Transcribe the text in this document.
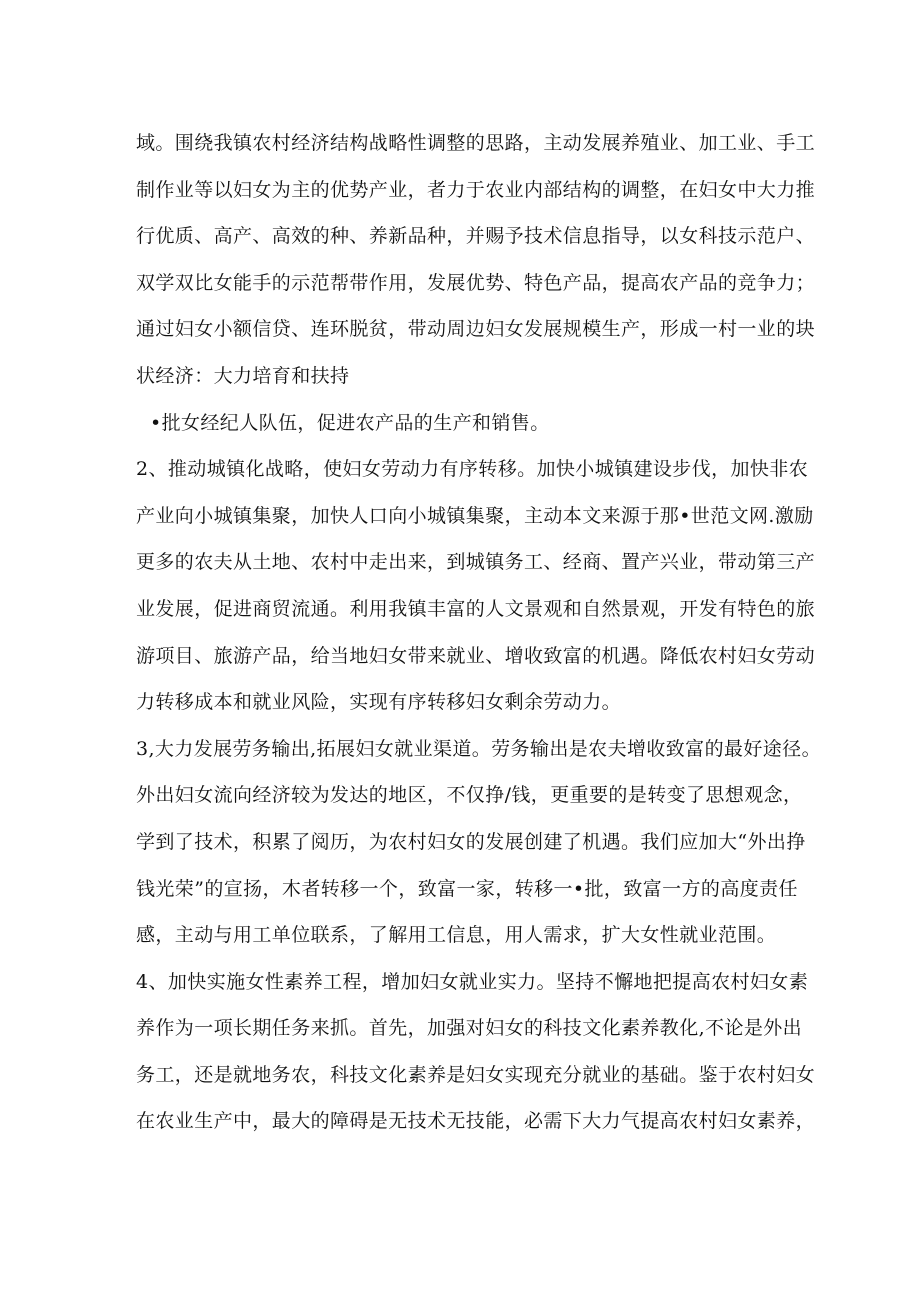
域。围绕我镇农村经济结构战略性调整的思路，主动发展养殖业、加工业、手工
制作业等以妇女为主的优势产业，者力于农业内部结构的调整，在妇女中大力推
行优质、高产、高效的种、养新品种，并赐予技术信息指导，以女科技示范户、
双学双比女能手的示范帮带作用，发展优势、特色产品，提高农产品的竞争力；
通过妇女小额信贷、连环脱贫，带动周边妇女发展规模生产，形成一村一业的块
状经济：大力培育和扶持
•批女经纪人队伍，促进农产品的生产和销售。
2、推动城镇化战略，使妇女劳动力有序转移。加快小城镇建设步伐，加快非农
产业向小城镇集聚，加快人口向小城镇集聚，主动本文来源于那•世范文网.激励
更多的农夫从土地、农村中走出来，到城镇务工、经商、置产兴业，带动第三产
业发展，促进商贸流通。利用我镇丰富的人文景观和自然景观，开发有特色的旅
游项目、旅游产品，给当地妇女带来就业、增收致富的机遇。降低农村妇女劳动
力转移成本和就业风险，实现有序转移妇女剩余劳动力。
3,大力发展劳务输出,拓展妇女就业渠道。劳务输出是农夫增收致富的最好途径。
外出妇女流向经济较为发达的地区，不仅挣/钱，更重要的是转变了思想观念，
学到了技术，积累了阅历，为农村妇女的发展创建了机遇。我们应加大“外出挣
钱光荣”的宣扬，木者转移一个，致富一家，转移一•批，致富一方的高度责任
感，主动与用工单位联系，了解用工信息，用人需求，扩大女性就业范围。
4、加快实施女性素养工程，增加妇女就业实力。坚持不懈地把提高农村妇女素
养作为一项长期任务来抓。首先，加强对妇女的科技文化素养教化,不论是外出
务工，还是就地务农，科技文化素养是妇女实现充分就业的基础。鉴于农村妇女
在农业生产中，最大的障碍是无技术无技能，必需下大力气提高农村妇女素养，
